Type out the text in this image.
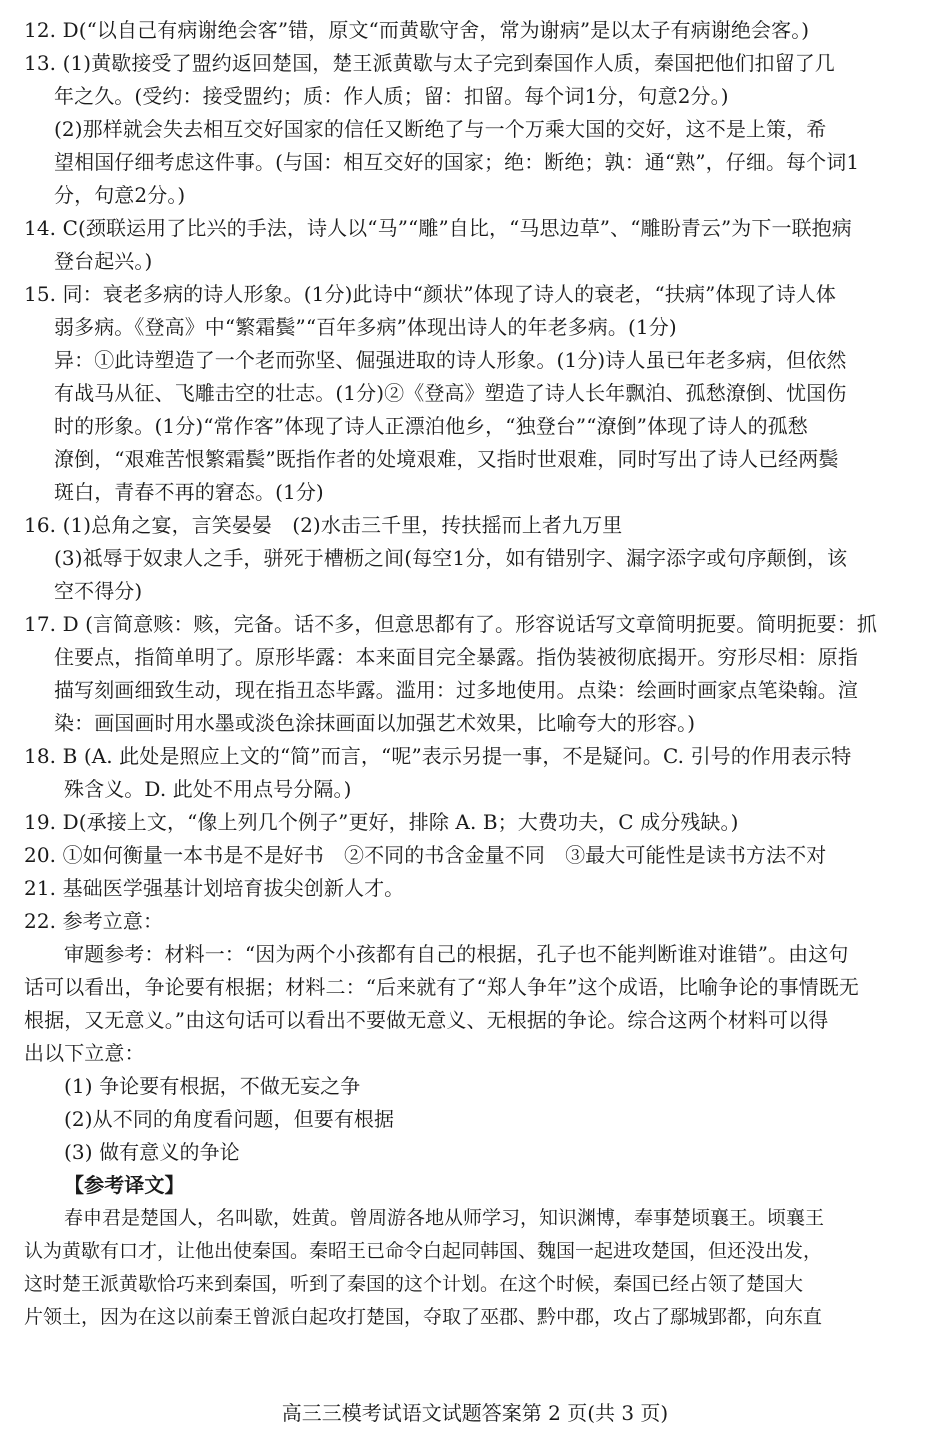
12. D(“以自己有病谢绝会客”错，原文“而黄歇守舍，常为谢病”是以太子有病谢绝会客。)
13. (1)黄歇接受了盟约返回楚国，楚王派黄歇与太子完到秦国作人质，秦国把他们扣留了几
年之久。(受约：接受盟约；质：作人质；留：扣留。每个词1分，句意2分。)
(2)那样就会失去相互交好国家的信任又断绝了与一个万乘大国的交好，这不是上策，希
望相国仔细考虑这件事。(与国：相互交好的国家；绝：断绝；孰：通“熟”，仔细。每个词1
分，句意2分。)
14. C(颈联运用了比兴的手法，诗人以“马”“雕”自比，“马思边草”、“雕盼青云”为下一联抱病
登台起兴。)
15. 同：衰老多病的诗人形象。(1分)此诗中“颜状”体现了诗人的衰老，“扶病”体现了诗人体
弱多病。《登高》中“繁霜鬓”“百年多病”体现出诗人的年老多病。(1分)
异：①此诗塑造了一个老而弥坚、倔强进取的诗人形象。(1分)诗人虽已年老多病，但依然
有战马从征、飞雕击空的壮志。(1分)②《登高》塑造了诗人长年飘泊、孤愁潦倒、忧国伤
时的形象。(1分)“常作客”体现了诗人正漂泊他乡，“独登台”“潦倒”体现了诗人的孤愁
潦倒，“艰难苦恨繁霜鬓”既指作者的处境艰难，又指时世艰难，同时写出了诗人已经两鬓
斑白，青春不再的窘态。(1分)
16. (1)总角之宴，言笑晏晏　(2)水击三千里，抟扶摇而上者九万里
(3)祗辱于奴隶人之手，骈死于槽枥之间(每空1分，如有错别字、漏字添字或句序颠倒，该
空不得分)
17. D (言简意赅：赅，完备。话不多，但意思都有了。形容说话写文章简明扼要。简明扼要：抓
住要点，指简单明了。原形毕露：本来面目完全暴露。指伪装被彻底揭开。穷形尽相：原指
描写刻画细致生动，现在指丑态毕露。滥用：过多地使用。点染：绘画时画家点笔染翰。渲
染：画国画时用水墨或淡色涂抹画面以加强艺术效果，比喻夸大的形容。)
18. B (A. 此处是照应上文的“简”而言，“呢”表示另提一事，不是疑问。C. 引号的作用表示特
殊含义。D. 此处不用点号分隔。)
19. D(承接上文，“像上列几个例子”更好，排除 A. B；大费功夫，C 成分残缺。)
20. ①如何衡量一本书是不是好书　②不同的书含金量不同　③最大可能性是读书方法不对
21. 基础医学强基计划培育拔尖创新人才。
22. 参考立意：
审题参考：材料一：“因为两个小孩都有自己的根据，孔子也不能判断谁对谁错”。由这句
话可以看出，争论要有根据；材料二：“后来就有了“郑人争年”这个成语，比喻争论的事情既无
根据，又无意义。”由这句话可以看出不要做无意义、无根据的争论。综合这两个材料可以得
出以下立意：
(1) 争论要有根据，不做无妄之争
(2)从不同的角度看问题，但要有根据
(3) 做有意义的争论
【参考译文】
春申君是楚国人，名叫歇，姓黄。曾周游各地从师学习，知识渊博，奉事楚顷襄王。顷襄王
认为黄歇有口才，让他出使秦国。秦昭王已命令白起同韩国、魏国一起进攻楚国，但还没出发，
这时楚王派黄歇恰巧来到秦国，听到了秦国的这个计划。在这个时候，秦国已经占领了楚国大
片领土，因为在这以前秦王曾派白起攻打楚国，夺取了巫郡、黔中郡，攻占了鄢城郢都，向东直
高三三模考试语文试题答案第 2 页(共 3 页)
